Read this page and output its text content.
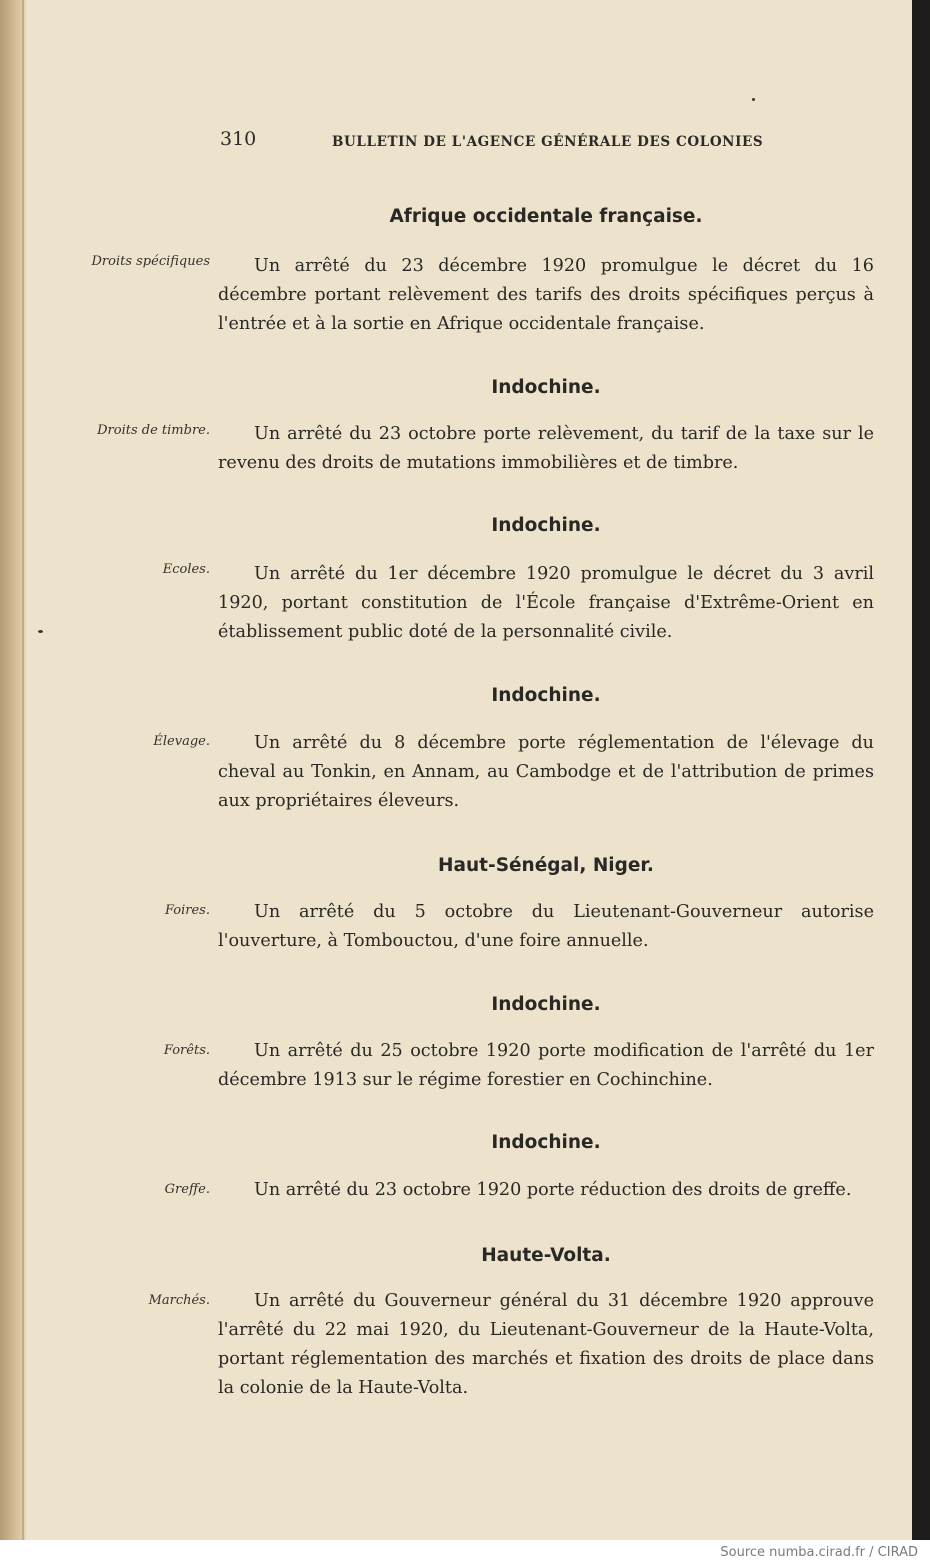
310	BULLETIN DE L'AGENCE GÉNÉRALE DES COLONIES
Afrique occidentale française.
Droits spécifiques	Un arrêté du 23 décembre 1920 promulgue le décret du 16 décembre portant relèvement des tarifs des droits spécifiques perçus à l'entrée et à la sortie en Afrique occidentale française.
Indochine.
Droits de timbre.	Un arrêté du 23 octobre porte relèvement, du tarif de la taxe sur le revenu des droits de mutations immobilières et de timbre.
Indochine.
Ecoles.	Un arrêté du 1er décembre 1920 promulgue le décret du 3 avril 1920, portant constitution de l'École française d'Extrême-Orient en établissement public doté de la personnalité civile.
Indochine.
Élevage.	Un arrêté du 8 décembre porte réglementation de l'élevage du cheval au Tonkin, en Annam, au Cambodge et de l'attribution de primes aux propriétaires éleveurs.
Haut-Sénégal, Niger.
Foires.	Un arrêté du 5 octobre du Lieutenant-Gouverneur autorise l'ouverture, à Tombouctou, d'une foire annuelle.
Indochine.
Forêts.	Un arrêté du 25 octobre 1920 porte modification de l'arrêté du 1er décembre 1913 sur le régime forestier en Cochinchine.
Indochine.
Greffe.	Un arrêté du 23 octobre 1920 porte réduction des droits de greffe.
Haute-Volta.
Marchés.	Un arrêté du Gouverneur général du 31 décembre 1920 approuve l'arrêté du 22 mai 1920, du Lieutenant-Gouverneur de la Haute-Volta, portant réglementation des marchés et fixation des droits de place dans la colonie de la Haute-Volta.
Source numba.cirad.fr / CIRAD
